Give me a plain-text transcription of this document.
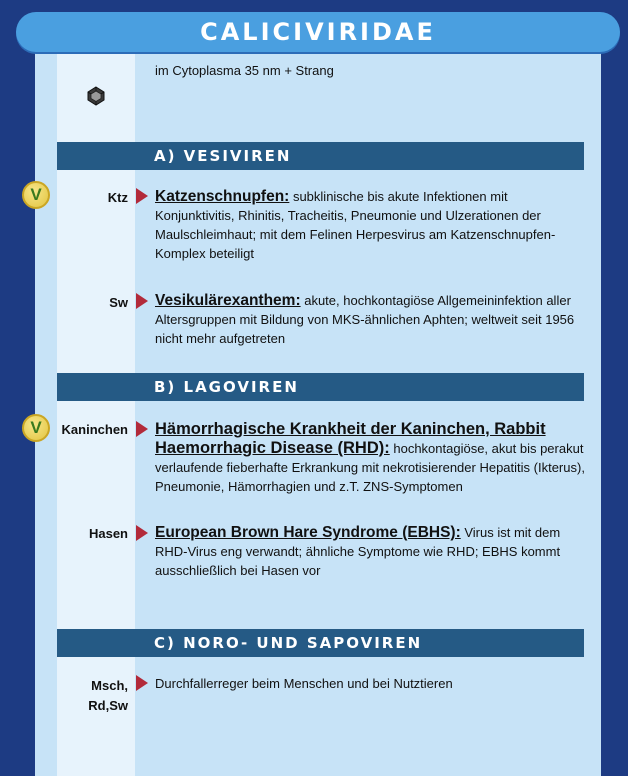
CALICIVIRIDAE
im Cytoplasma 35 nm + Strang
A) VESIVIREN
V	Ktz Katzenschnupfen: subklinische bis akute Infektionen mit Konjunktivitis, Rhinitis, Tracheitis, Pneumonie und Ulzerationen der Maulschleimhaut; mit dem Felinen Herpesvirus am Katzenschnupfen-Komplex beteiligt
Sw Vesikulärexanthem: akute, hochkontagiöse Allgemeininfektion aller Altersgruppen mit Bildung von MKS-ähnlichen Aphten; weltweit seit 1956 nicht mehr aufgetreten
B) LAGOVIREN
V	Kaninchen Hämorrhagische Krankheit der Kaninchen, Rabbit Haemorrhagic Disease (RHD): hochkontagiöse, akut bis perakut verlaufende fieberhafte Erkrankung mit nekrotisierender Hepatitis (Ikterus), Pneumonie, Hämorrhagien und z.T. ZNS-Symptomen
Hasen European Brown Hare Syndrome (EBHS): Virus ist mit dem RHD-Virus eng verwandt; ähnliche Symptome wie RHD; EBHS kommt ausschließlich bei Hasen vor
C) NORO- UND SAPOVIREN
Msch,
Rd,Sw
Durchfallerreger beim Menschen und bei Nutztieren
